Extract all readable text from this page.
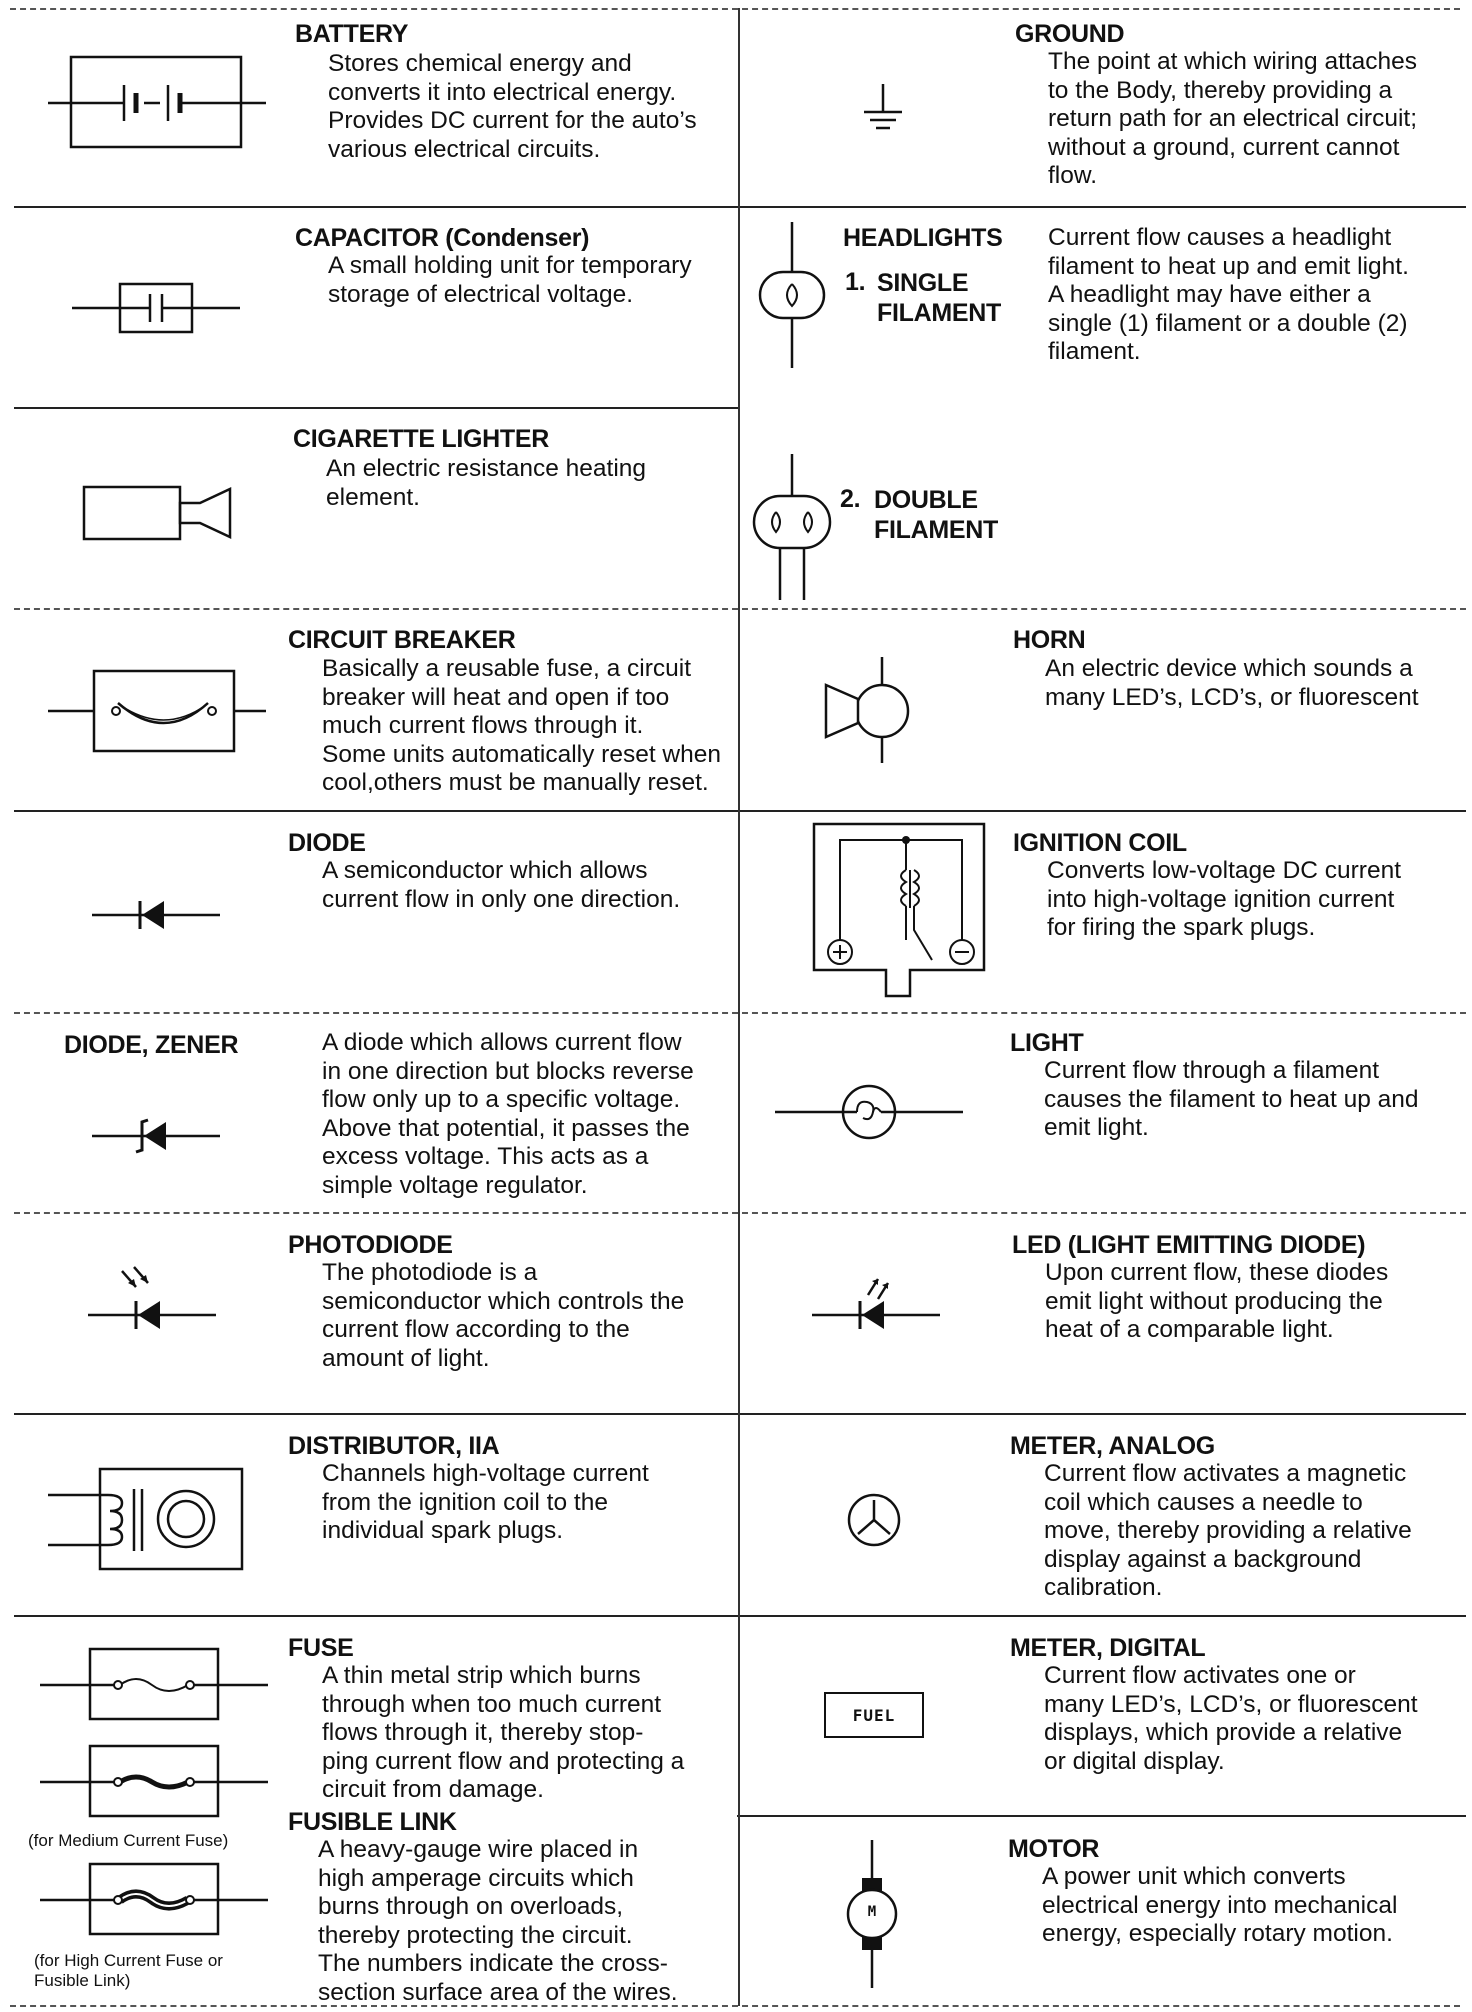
BATTERY
Stores chemical energy and
converts it into electrical energy.
Provides DC current for the auto’s
various electrical circuits.
CAPACITOR (Condenser)
A small holding unit for temporary
storage of electrical voltage.
CIGARETTE LIGHTER
An electric resistance heating
element.
CIRCUIT BREAKER
Basically a reusable fuse, a circuit
breaker will heat and open if too
much current flows through it.
Some units automatically reset when
cool,others must be manually reset.
DIODE
A semiconductor which allows
current flow in only one direction.
DIODE, ZENER	A diode which allows current flow
in one direction but blocks reverse
flow only up to a specific voltage.
Above that potential, it passes the
excess voltage. This acts as a
simple voltage regulator.
PHOTODIODE
The photodiode is a
semiconductor which controls the
current flow according to the
amount of light.
DISTRIBUTOR, IIA
Channels high-voltage current
from the ignition coil to the
individual spark plugs.
(for Medium Current Fuse)
(for High Current Fuse or
Fusible Link)
FUSE
A thin metal strip which burns
through when too much current
flows through it, thereby stop-
ping current flow and protecting a
circuit from damage.
FUSIBLE LINK
A heavy-gauge wire placed in
high amperage circuits which
burns through on overloads,
thereby protecting the circuit.
The numbers indicate the cross-
section surface area of the wires.
GROUND
The point at which wiring attaches
to the Body, thereby providing a
return path for an electrical circuit;
without a ground, current cannot
flow.
HEADLIGHTS
1. SINGLE
FILAMENT
2. DOUBLE
FILAMENT
Current flow causes a headlight
filament to heat up and emit light.
A headlight may have either a
single (1) filament or a double (2)
filament.
HORN
An electric device which sounds a
many LED’s, LCD’s, or fluorescent
IGNITION COIL
Converts low-voltage DC current
into high-voltage ignition current
for firing the spark plugs.
LIGHT
Current flow through a filament
causes the filament to heat up and
emit light.
LED (LIGHT EMITTING DIODE)
Upon current flow, these diodes
emit light without producing the
heat of a comparable light.
METER, ANALOG
Current flow activates a magnetic
coil which causes a needle to
move, thereby providing a relative
display against a background
calibration.
FUEL
METER, DIGITAL
Current flow activates one or
many LED’s, LCD’s, or fluorescent
displays, which provide a relative
or digital display.
M
MOTOR
A power unit which converts
electrical energy into mechanical
energy, especially rotary motion.
